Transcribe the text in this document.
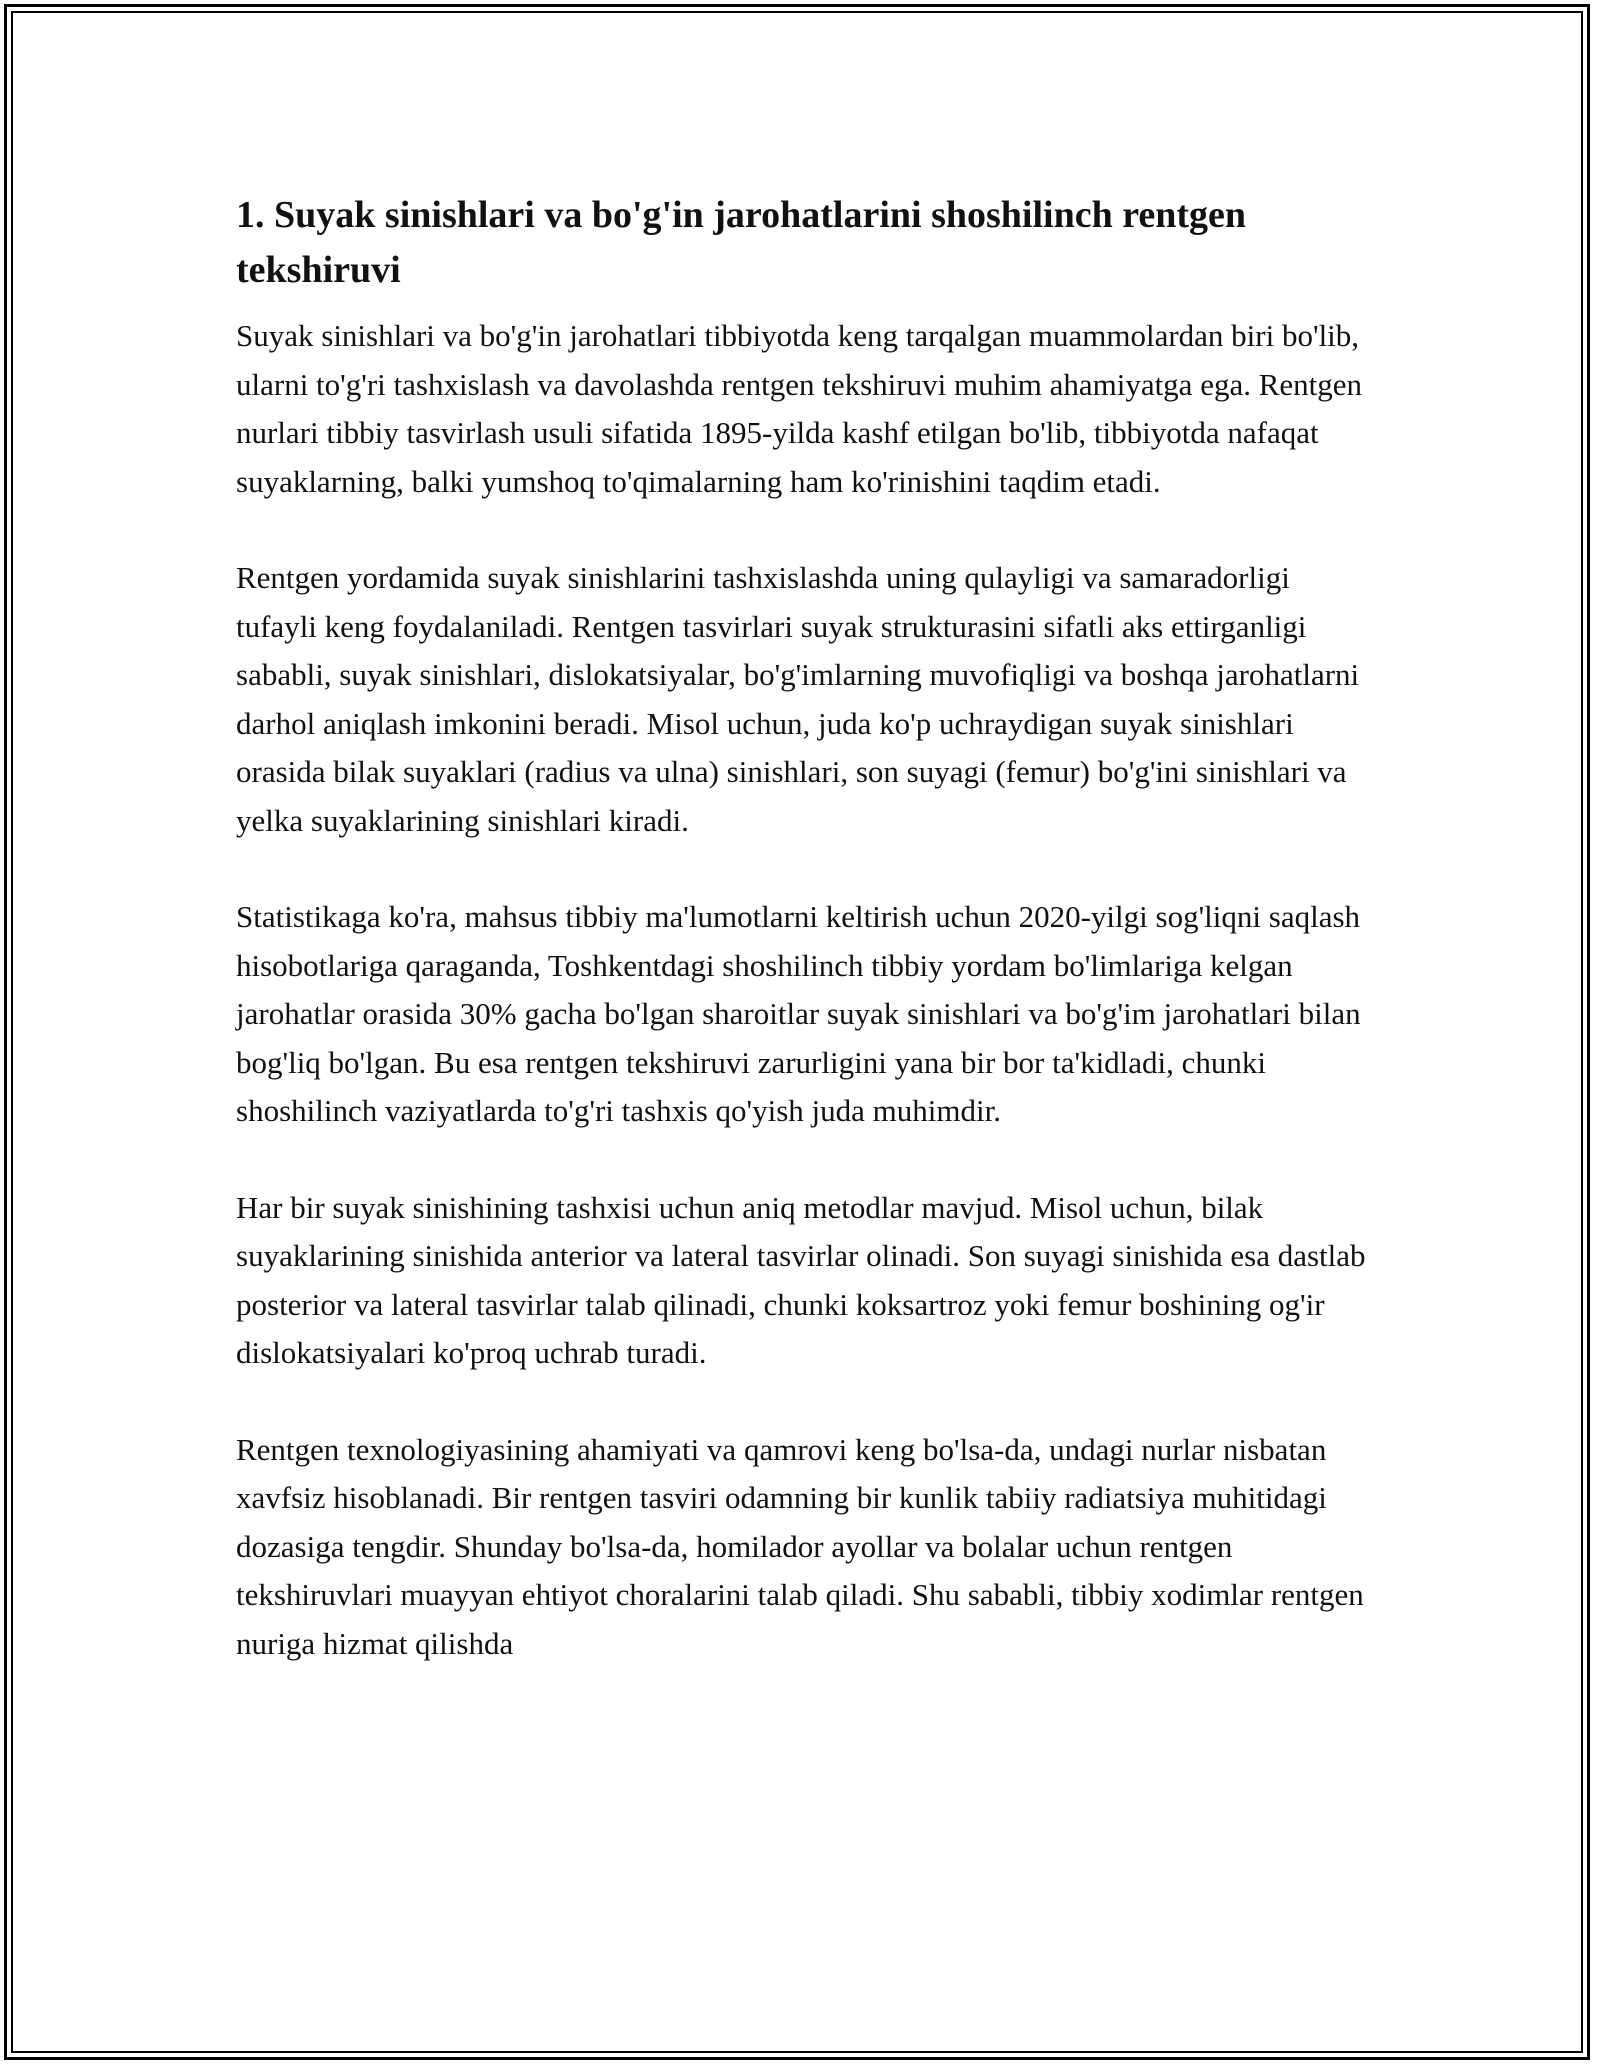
1. Suyak sinishlari va bo'g'in jarohatlarini shoshilinch rentgen tekshiruvi

Suyak sinishlari va bo'g'in jarohatlari tibbiyotda keng tarqalgan muammolardan biri bo'lib, ularni to'g'ri tashxislash va davolashda rentgen tekshiruvi muhim ahamiyatga ega. Rentgen nurlari tibbiy tasvirlash usuli sifatida 1895-yilda kashf etilgan bo'lib, tibbiyotda nafaqat suyaklarning, balki yumshoq to'qimalarning ham ko'rinishini taqdim etadi.

Rentgen yordamida suyak sinishlarini tashxislashda uning qulayligi va samaradorligi tufayli keng foydalaniladi. Rentgen tasvirlari suyak strukturasini sifatli aks ettirganligi sababli, suyak sinishlari, dislokatsiyalar, bo'g'imlarning muvofiqligi va boshqa jarohatlarni darhol aniqlash imkonini beradi. Misol uchun, juda ko'p uchraydigan suyak sinishlari orasida bilak suyaklari (radius va ulna) sinishlari, son suyagi (femur) bo'g'ini sinishlari va yelka suyaklarining sinishlari kiradi.

Statistikaga ko'ra, mahsus tibbiy ma'lumotlarni keltirish uchun 2020-yilgi sog'liqni saqlash hisobotlariga qaraganda, Toshkentdagi shoshilinch tibbiy yordam bo'limlariga kelgan jarohatlar orasida 30% gacha bo'lgan sharoitlar suyak sinishlari va bo'g'im jarohatlari bilan bog'liq bo'lgan. Bu esa rentgen tekshiruvi zarurligini yana bir bor ta'kidladi, chunki shoshilinch vaziyatlarda to'g'ri tashxis qo'yish juda muhimdir.

Har bir suyak sinishining tashxisi uchun aniq metodlar mavjud. Misol uchun, bilak suyaklarining sinishida anterior va lateral tasvirlar olinadi. Son suyagi sinishida esa dastlab posterior va lateral tasvirlar talab qilinadi, chunki koksartroz yoki femur boshining og'ir dislokatsiyalari ko'proq uchrab turadi.

Rentgen texnologiyasining ahamiyati va qamrovi keng bo'lsa-da, undagi nurlar nisbatan xavfsiz hisoblanadi. Bir rentgen tasviri odamning bir kunlik tabiiy radiatsiya muhitidagi dozasiga tengdir. Shunday bo'lsa-da, homilador ayollar va bolalar uchun rentgen tekshiruvlari muayyan ehtiyot choralarini talab qiladi. Shu sababli, tibbiy xodimlar rentgen nuriga hizmat qilishda
